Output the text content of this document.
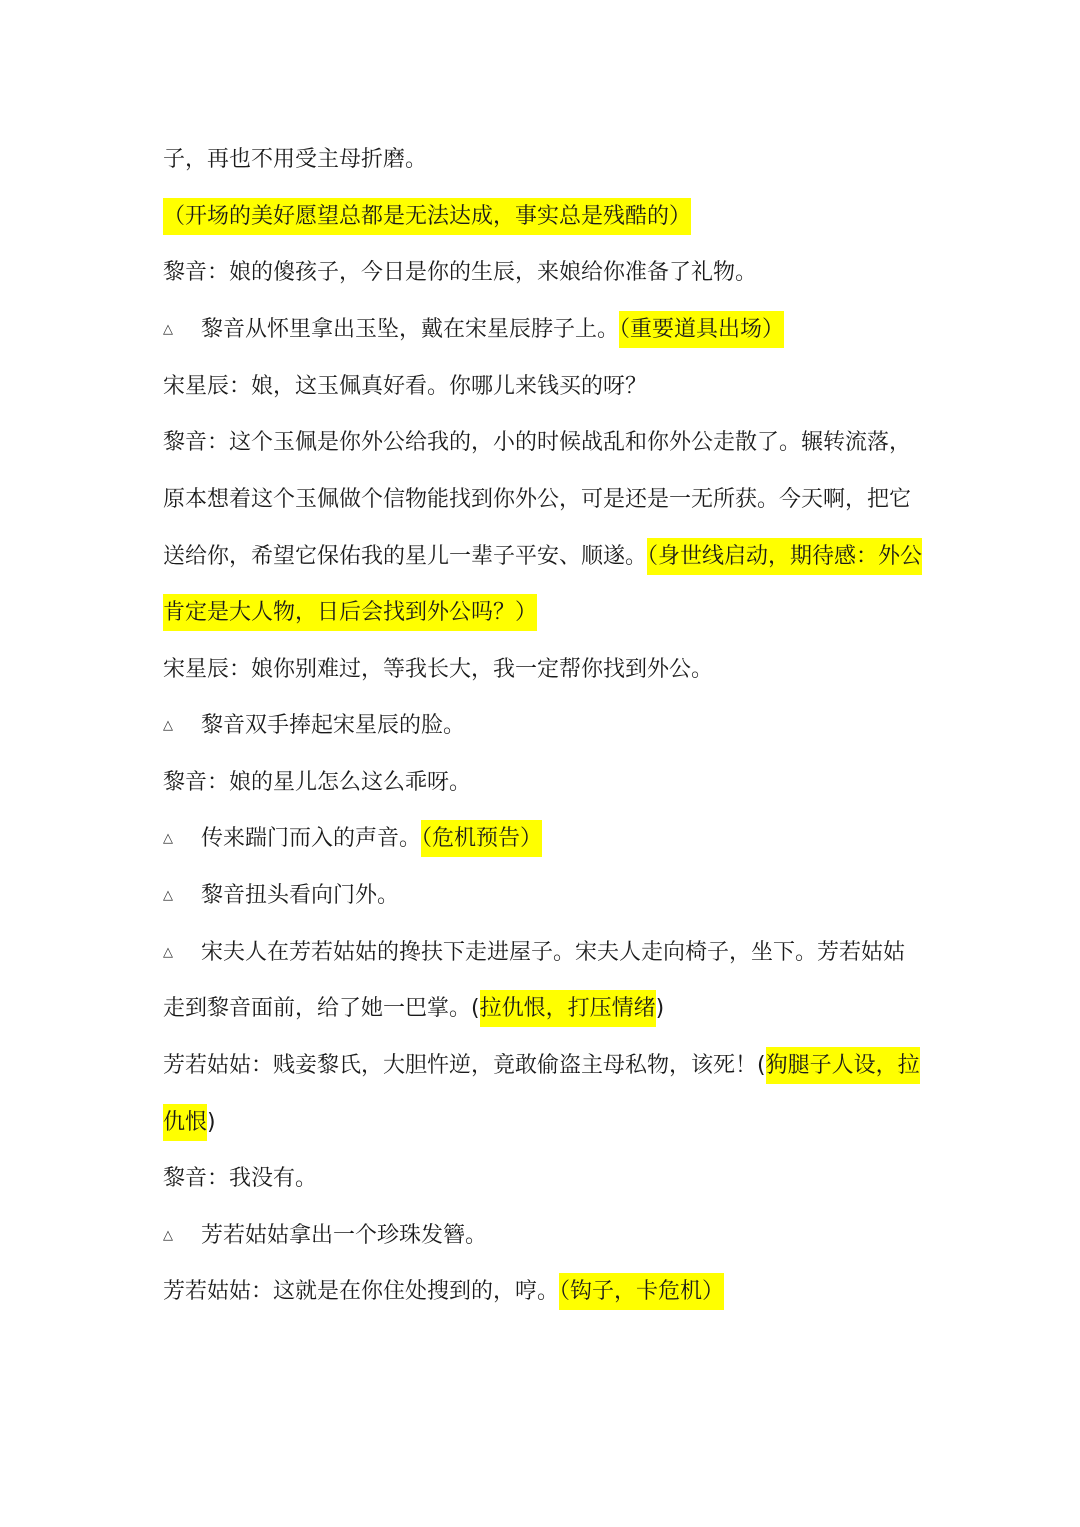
子，再也不用受主母折磨。
（开场的美好愿望总都是无法达成，事实总是残酷的）
黎音：娘的傻孩子，今日是你的生辰，来娘给你准备了礼物。
△ 黎音从怀里拿出玉坠，戴在宋星辰脖子上。（重要道具出场）
宋星辰：娘，这玉佩真好看。你哪儿来钱买的呀？
黎音：这个玉佩是你外公给我的，小的时候战乱和你外公走散了。辗转流落，
原本想着这个玉佩做个信物能找到你外公，可是还是一无所获。今天啊，把它
送给你，希望它保佑我的星儿一辈子平安、顺遂。（身世线启动，期待感：外公
肯定是大人物，日后会找到外公吗？）
宋星辰：娘你别难过，等我长大，我一定帮你找到外公。
△ 黎音双手捧起宋星辰的脸。
黎音：娘的星儿怎么这么乖呀。
△ 传来踹门而入的声音。（危机预告）
△ 黎音扭头看向门外。
△ 宋夫人在芳若姑姑的搀扶下走进屋子。宋夫人走向椅子，坐下。芳若姑姑
走到黎音面前，给了她一巴掌。(拉仇恨，打压情绪)
芳若姑姑：贱妾黎氏，大胆忤逆，竟敢偷盗主母私物，该死！(狗腿子人设，拉
仇恨)
黎音：我没有。
△ 芳若姑姑拿出一个珍珠发簪。
芳若姑姑：这就是在你住处搜到的，哼。（钩子，卡危机）
